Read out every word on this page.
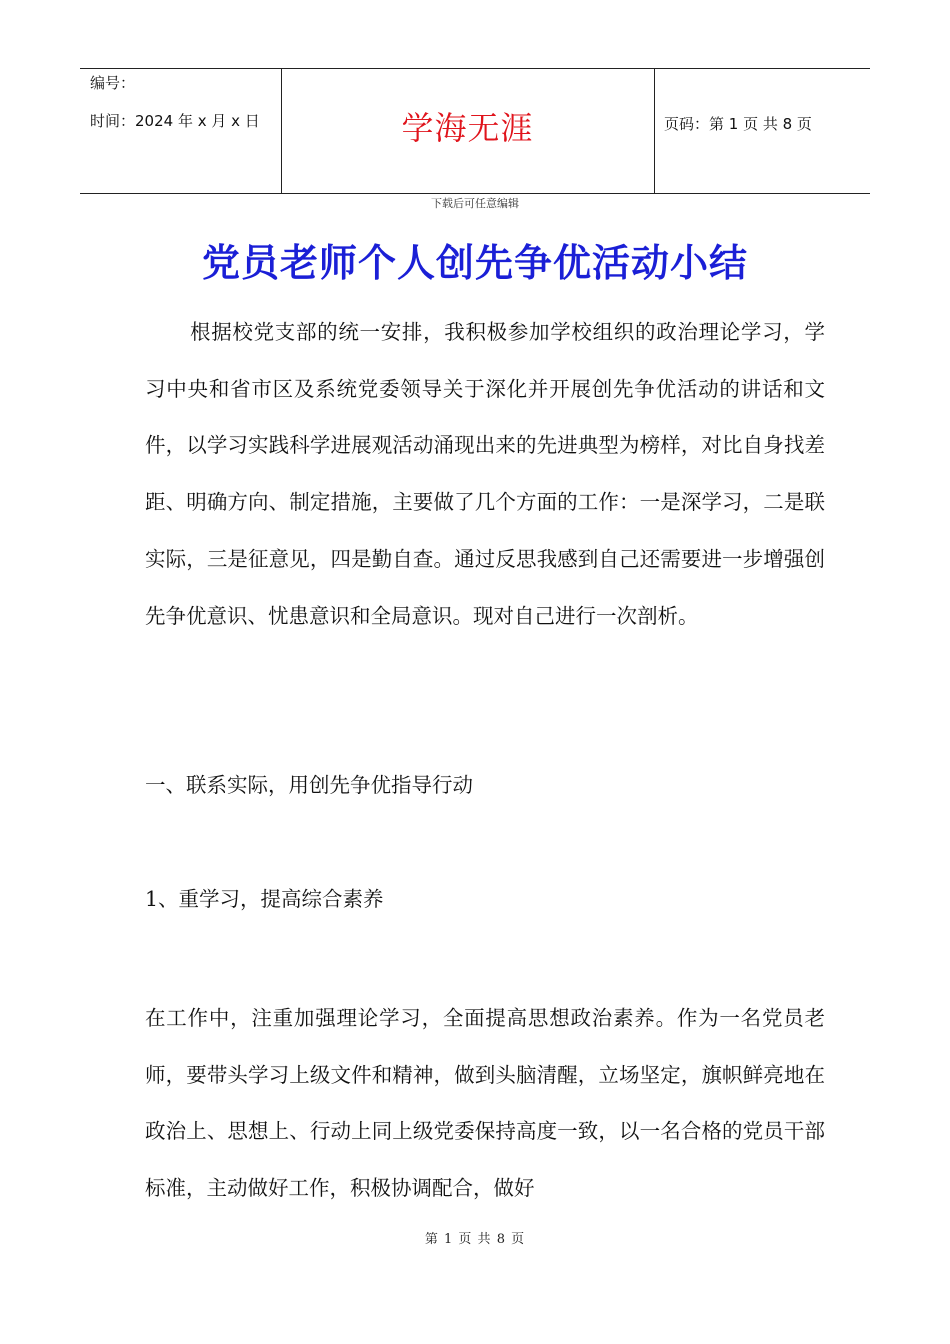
编号：
时间：2024 年 x 月 x 日	学海无涯	页码：第 1 页 共 8 页
下载后可任意编辑
党员老师个人创先争优活动小结

根据校党支部的统一安排，我积极参加学校组织的政治理论学习，学习中央和省市区及系统党委领导关于深化并开展创先争优活动的讲话和文件，以学习实践科学进展观活动涌现出来的先进典型为榜样，对比自身找差距、明确方向、制定措施，主要做了几个方面的工作：一是深学习，二是联实际，三是征意见，四是勤自查。通过反思我感到自己还需要进一步增强创先争优意识、忧患意识和全局意识。现对自己进行一次剖析。

一、联系实际，用创先争优指导行动

1、重学习，提高综合素养

在工作中，注重加强理论学习，全面提高思想政治素养。作为一名党员老师，要带头学习上级文件和精神，做到头脑清醒，立场坚定，旗帜鲜亮地在政治上、思想上、行动上同上级党委保持高度一致，以一名合格的党员干部标准，主动做好工作，积极协调配合，做好

第 1 页 共 8 页
